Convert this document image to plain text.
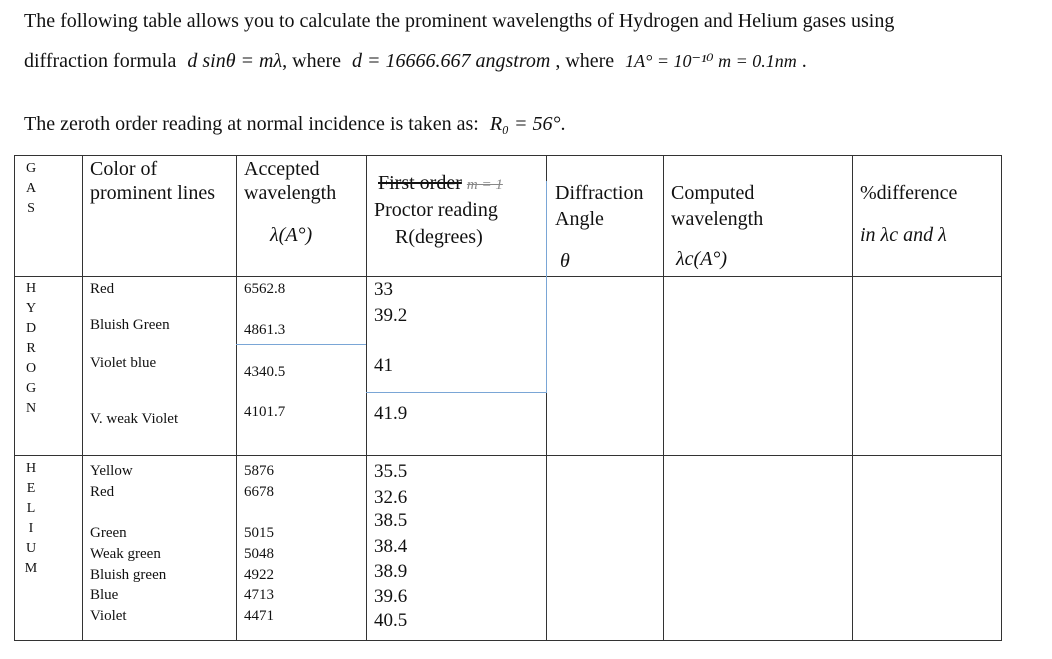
The following table allows you to calculate the prominent wavelengths of Hydrogen and Helium gases using
diffraction formula d sinθ = mλ, where d = 16666.667 angstrom , where 1A° = 10⁻¹⁰ m = 0.1nm .
The zeroth order reading at normal incidence is taken as: R₀ = 56°.
G
A
S
Color of
prominent lines
Accepted
wavelength
λ(A°)
First order m = 1
Proctor reading
R(degrees)
Diffraction
Angle
θ
Computed
wavelength
λc(A°)
%difference
in λc and λ
H
Y
D
R
O
G
N
Red
Bluish Green
Violet blue
V. weak Violet
6562.8
4861.3
4340.5
4101.7
33
39.2
41
41.9
H
E
L
I
U
M
Yellow
Red
Green
Weak green
Bluish green
Blue
Violet
5876
6678
5015
5048
4922
4713
4471
35.5
32.6
38.5
38.4
38.9
39.6
40.5
